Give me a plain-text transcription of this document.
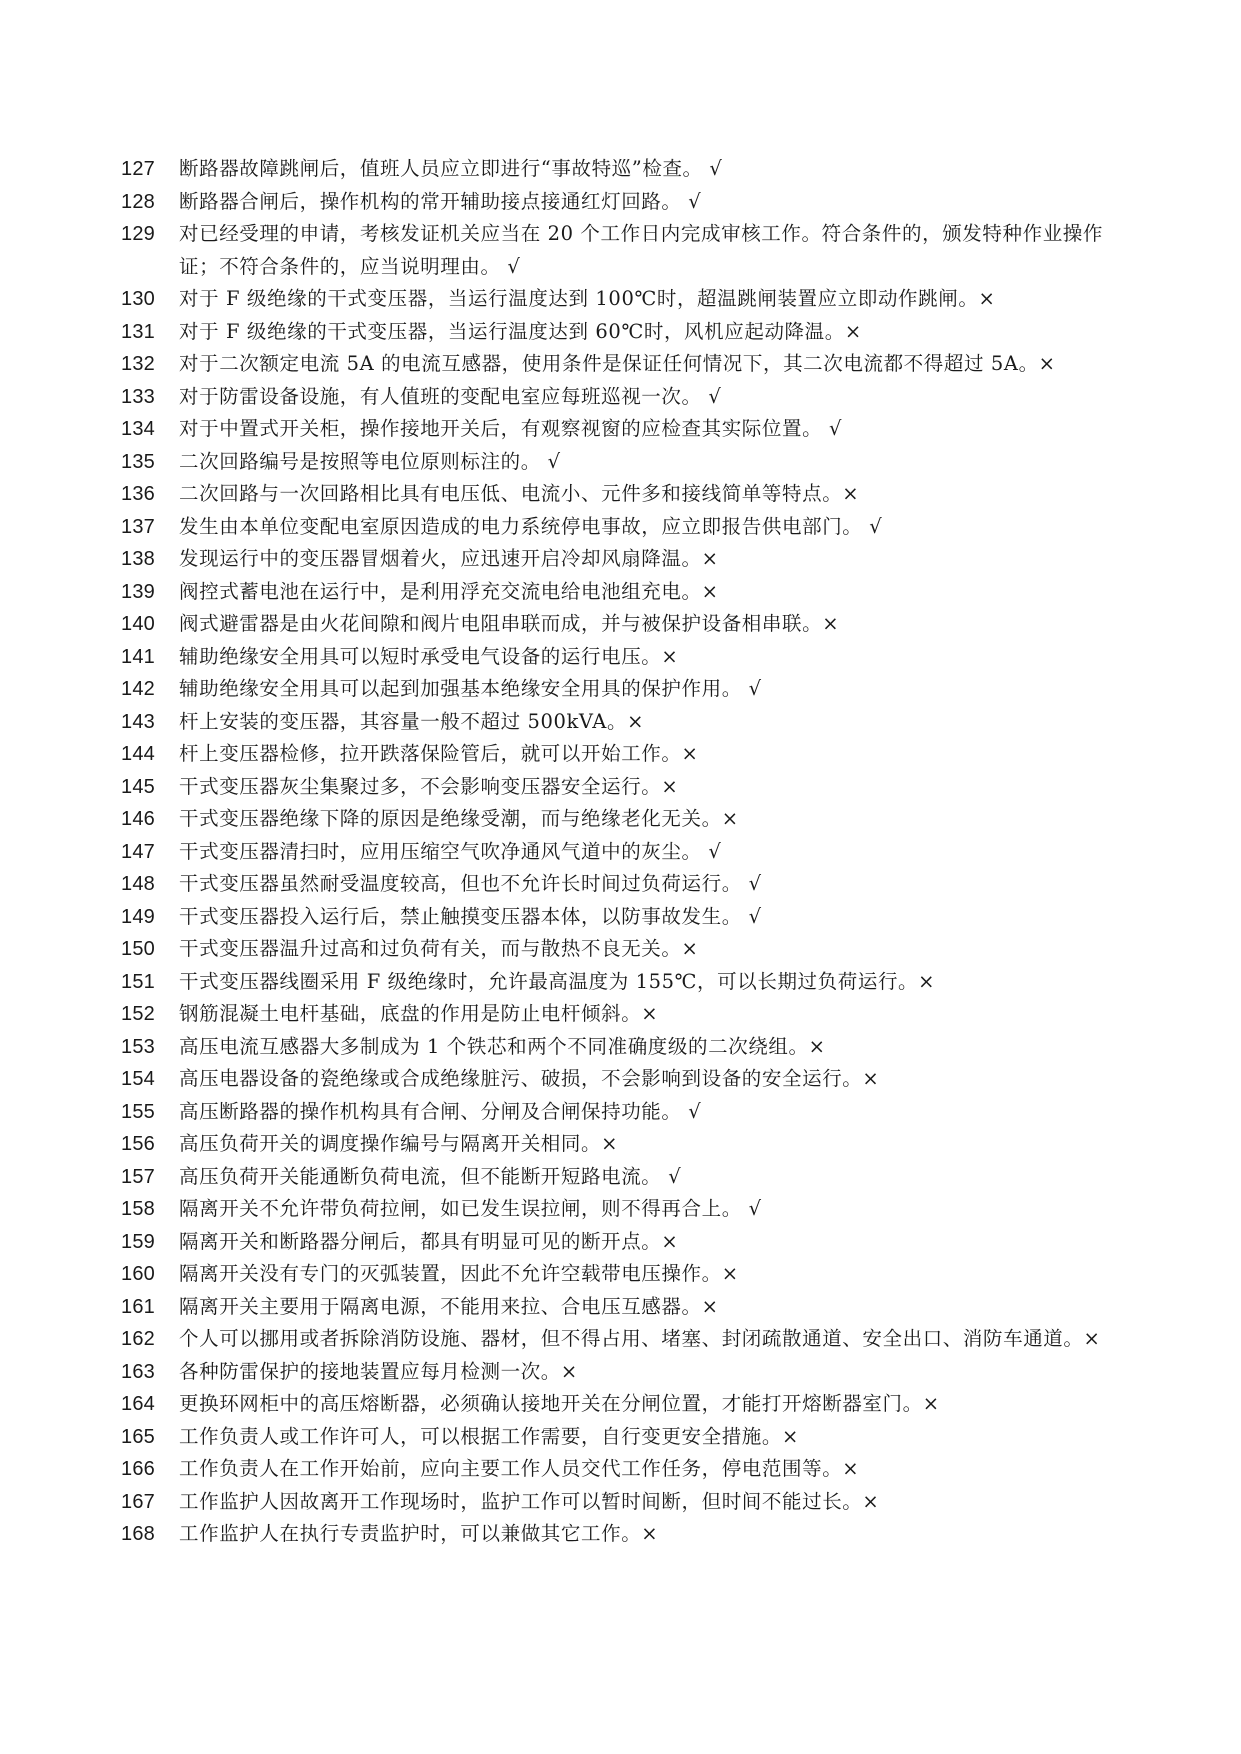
127	断路器故障跳闸后，值班人员应立即进行“事故特巡”检查。 √
128	断路器合闸后，操作机构的常开辅助接点接通红灯回路。 √
129	对已经受理的申请，考核发证机关应当在 20 个工作日内完成审核工作。符合条件的，颁发特种作业操作证；不符合条件的，应当说明理由。 √
130	对于 F 级绝缘的干式变压器，当运行温度达到 100℃时，超温跳闸装置应立即动作跳闸。×
131	对于 F 级绝缘的干式变压器，当运行温度达到 60℃时，风机应起动降温。×
132	对于二次额定电流 5A 的电流互感器，使用条件是保证任何情况下，其二次电流都不得超过 5A。×
133	对于防雷设备设施，有人值班的变配电室应每班巡视一次。 √
134	对于中置式开关柜，操作接地开关后，有观察视窗的应检查其实际位置。 √
135	二次回路编号是按照等电位原则标注的。 √
136	二次回路与一次回路相比具有电压低、电流小、元件多和接线简单等特点。×
137	发生由本单位变配电室原因造成的电力系统停电事故，应立即报告供电部门。 √
138	发现运行中的变压器冒烟着火，应迅速开启冷却风扇降温。×
139	阀控式蓄电池在运行中，是利用浮充交流电给电池组充电。×
140	阀式避雷器是由火花间隙和阀片电阻串联而成，并与被保护设备相串联。×
141	辅助绝缘安全用具可以短时承受电气设备的运行电压。×
142	辅助绝缘安全用具可以起到加强基本绝缘安全用具的保护作用。 √
143	杆上安装的变压器，其容量一般不超过 500kVA。×
144	杆上变压器检修，拉开跌落保险管后，就可以开始工作。×
145	干式变压器灰尘集聚过多，不会影响变压器安全运行。×
146	干式变压器绝缘下降的原因是绝缘受潮，而与绝缘老化无关。×
147	干式变压器清扫时，应用压缩空气吹净通风气道中的灰尘。 √
148	干式变压器虽然耐受温度较高，但也不允许长时间过负荷运行。 √
149	干式变压器投入运行后，禁止触摸变压器本体，以防事故发生。 √
150	干式变压器温升过高和过负荷有关，而与散热不良无关。×
151	干式变压器线圈采用 F 级绝缘时，允许最高温度为 155℃，可以长期过负荷运行。×
152	钢筋混凝土电杆基础，底盘的作用是防止电杆倾斜。×
153	高压电流互感器大多制成为 1 个铁芯和两个不同准确度级的二次绕组。×
154	高压电器设备的瓷绝缘或合成绝缘脏污、破损，不会影响到设备的安全运行。×
155	高压断路器的操作机构具有合闸、分闸及合闸保持功能。 √
156	高压负荷开关的调度操作编号与隔离开关相同。×
157	高压负荷开关能通断负荷电流，但不能断开短路电流。 √
158	隔离开关不允许带负荷拉闸，如已发生误拉闸，则不得再合上。 √
159	隔离开关和断路器分闸后，都具有明显可见的断开点。×
160	隔离开关没有专门的灭弧装置，因此不允许空载带电压操作。×
161	隔离开关主要用于隔离电源，不能用来拉、合电压互感器。×
162	个人可以挪用或者拆除消防设施、器材，但不得占用、堵塞、封闭疏散通道、安全出口、消防车通道。×
163	各种防雷保护的接地装置应每月检测一次。×
164	更换环网柜中的高压熔断器，必须确认接地开关在分闸位置，才能打开熔断器室门。×
165	工作负责人或工作许可人，可以根据工作需要，自行变更安全措施。×
166	工作负责人在工作开始前，应向主要工作人员交代工作任务，停电范围等。×
167	工作监护人因故离开工作现场时，监护工作可以暂时间断，但时间不能过长。×
168	工作监护人在执行专责监护时，可以兼做其它工作。×
